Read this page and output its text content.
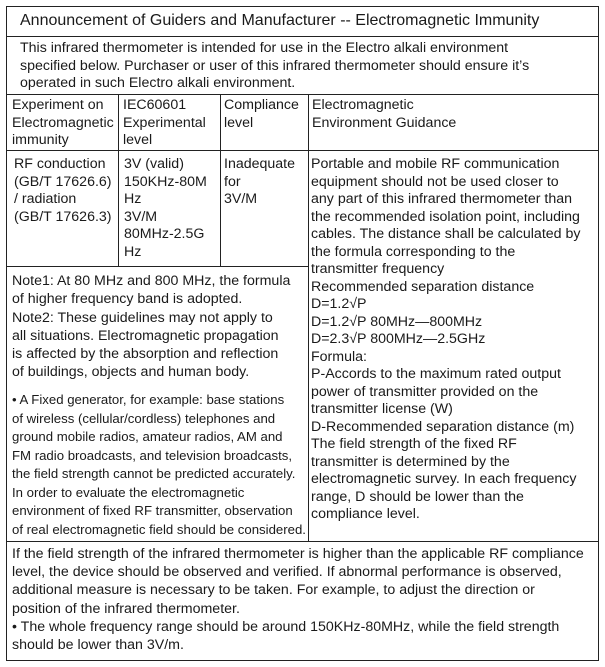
Announcement of Guiders and Manufacturer -- Electromagnetic Immunity
This infrared thermometer is intended for use in the Electro alkali environment
specified below. Purchaser or user of this infrared thermometer should ensure it’s
operated in such Electro alkali environment.
Experiment on
Electromagnetic
immunity
IEC60601
Experimental
level
Compliance
level
Electromagnetic
Environment Guidance
RF conduction
(GB/T 17626.6)
/ radiation
(GB/T 17626.3)
3V (valid)
150KHz-80M
Hz
3V/M
80MHz-2.5G
Hz
Inadequate
for
3V/M
Portable and mobile RF communication
equipment should not be used closer to
any part of this infrared thermometer than
the recommended isolation point, including
cables. The distance shall be calculated by
the formula corresponding to the
transmitter frequency
Recommended separation distance
D=1.2√P
D=1.2√P 80MHz—800MHz
D=2.3√P 800MHz—2.5GHz
Formula:
P-Accords to the maximum rated output
power of transmitter provided on the
transmitter license (W)
D-Recommended separation distance (m)
The field strength of the fixed RF
transmitter is determined by the
electromagnetic survey. In each frequency
range, D should be lower than the
compliance level.
Note1: At 80 MHz and 800 MHz, the formula
of higher frequency band is adopted.
Note2: These guidelines may not apply to
all situations. Electromagnetic propagation
is affected by the absorption and reflection
of buildings, objects and human body.
• A Fixed generator, for example: base stations
of wireless (cellular/cordless) telephones and
ground mobile radios, amateur radios, AM and
FM radio broadcasts, and television broadcasts,
the field strength cannot be predicted accurately.
In order to evaluate the electromagnetic
environment of fixed RF transmitter, observation
of real electromagnetic field should be considered.
If the field strength of the infrared thermometer is higher than the applicable RF compliance
level, the device should be observed and verified. If abnormal performance is observed,
additional measure is necessary to be taken. For example, to adjust the direction or
position of the infrared thermometer.
• The whole frequency range should be around 150KHz-80MHz, while the field strength
should be lower than 3V/m.
